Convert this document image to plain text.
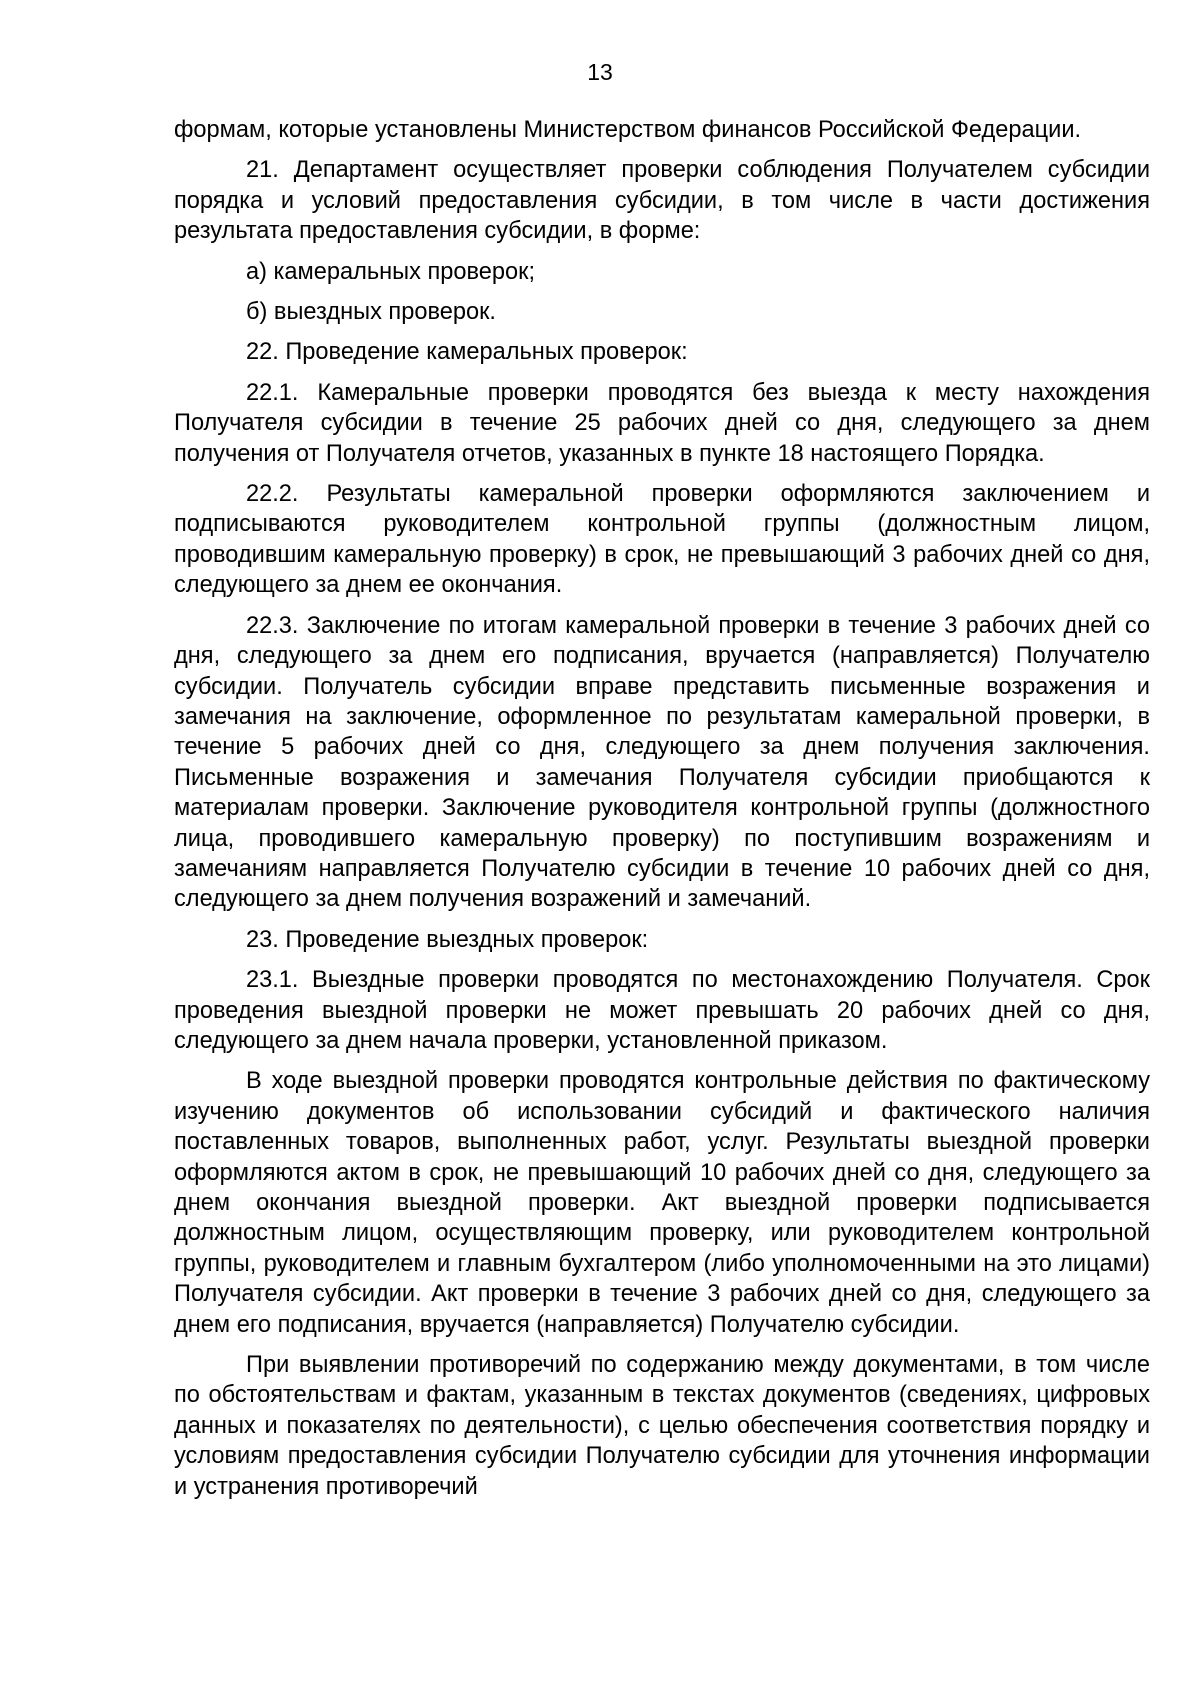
13

формам, которые установлены Министерством финансов Российской Федерации.

21. Департамент осуществляет проверки соблюдения Получателем субсидии порядка и условий предоставления субсидии, в том числе в части достижения результата предоставления субсидии, в форме:

а) камеральных проверок;

б) выездных проверок.

22. Проведение камеральных проверок:

22.1. Камеральные проверки проводятся без выезда к месту нахождения Получателя субсидии в течение 25 рабочих дней со дня, следующего за днем получения от Получателя отчетов, указанных в пункте 18 настоящего Порядка.

22.2. Результаты камеральной проверки оформляются заключением и подписываются руководителем контрольной группы (должностным лицом, проводившим камеральную проверку) в срок, не превышающий 3 рабочих дней со дня, следующего за днем ее окончания.

22.3. Заключение по итогам камеральной проверки в течение 3 рабочих дней со дня, следующего за днем его подписания, вручается (направляется) Получателю субсидии. Получатель субсидии вправе представить письменные возражения и замечания на заключение, оформленное по результатам камеральной проверки, в течение 5 рабочих дней со дня, следующего за днем получения заключения. Письменные возражения и замечания Получателя субсидии приобщаются к материалам проверки. Заключение руководителя контрольной группы (должностного лица, проводившего камеральную проверку) по поступившим возражениям и замечаниям направляется Получателю субсидии в течение 10 рабочих дней со дня, следующего за днем получения возражений и замечаний.

23. Проведение выездных проверок:

23.1. Выездные проверки проводятся по местонахождению Получателя. Срок проведения выездной проверки не может превышать 20 рабочих дней со дня, следующего за днем начала проверки, установленной приказом.

В ходе выездной проверки проводятся контрольные действия по фактическому изучению документов об использовании субсидий и фактического наличия поставленных товаров, выполненных работ, услуг. Результаты выездной проверки оформляются актом в срок, не превышающий 10 рабочих дней со дня, следующего за днем окончания выездной проверки. Акт выездной проверки подписывается должностным лицом, осуществляющим проверку, или руководителем контрольной группы, руководителем и главным бухгалтером (либо уполномоченными на это лицами) Получателя субсидии. Акт проверки в течение 3 рабочих дней со дня, следующего за днем его подписания, вручается (направляется) Получателю субсидии.

При выявлении противоречий по содержанию между документами, в том числе по обстоятельствам и фактам, указанным в текстах документов (сведениях, цифровых данных и показателях по деятельности), с целью обеспечения соответствия порядку и условиям предоставления субсидии Получателю субсидии для уточнения информации и устранения противоречий
